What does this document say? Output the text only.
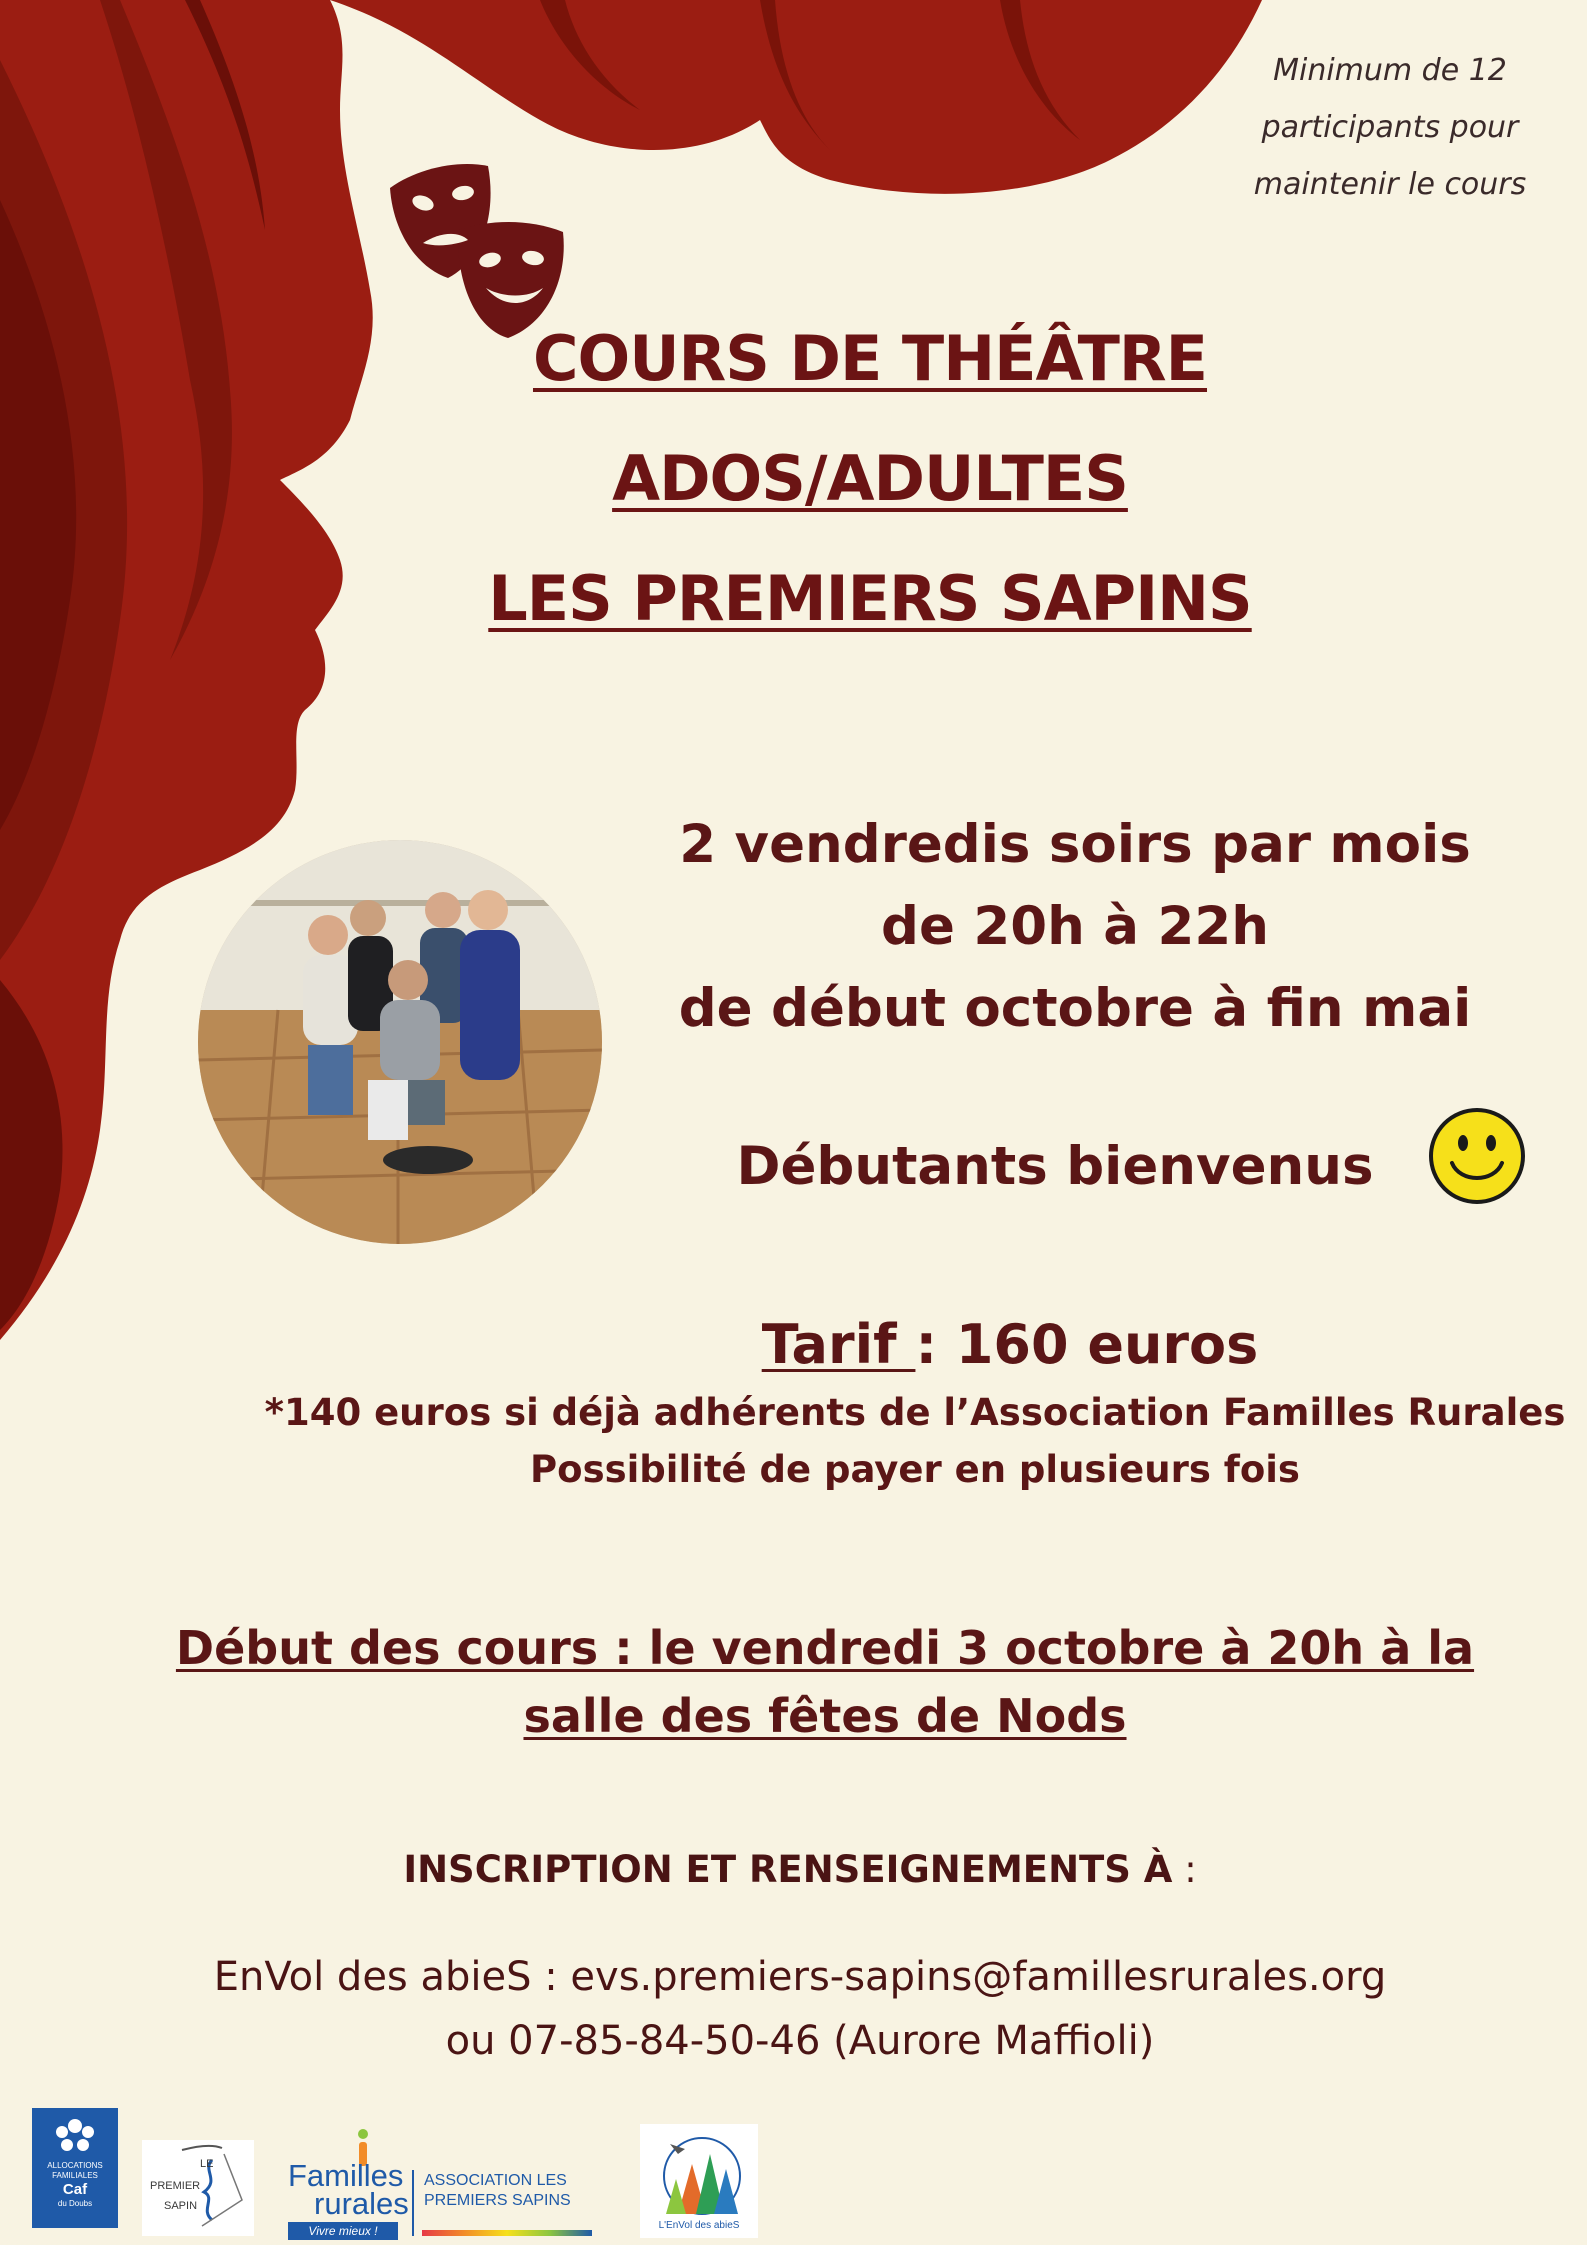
Minimum de 12
participants pour
maintenir le cours
COURS DE THÉÂTRE
ADOS/ADULTES
LES PREMIERS SAPINS
2 vendredis soirs par mois
de 20h à 22h
de début octobre à fin mai
Débutants bienvenus
Tarif : 160 euros
*140 euros si déjà adhérents de l’Association Familles Rurales
Possibilité de payer en plusieurs fois
Début des cours : le vendredi 3 octobre à 20h à la
salle des fêtes de Nods
INSCRIPTION ET RENSEIGNEMENTS À :
EnVol des abieS : evs.premiers-sapins@famillesrurales.org
ou 07-85-84-50-46 (Aurore Maffioli)
ALLOCATIONS
FAMILIALES
Caf
du Doubs
LE
PREMIER
SAPIN
Familles
rurales
Vivre mieux !
ASSOCIATION LES
PREMIERS SAPINS
L'EnVol des abieS
